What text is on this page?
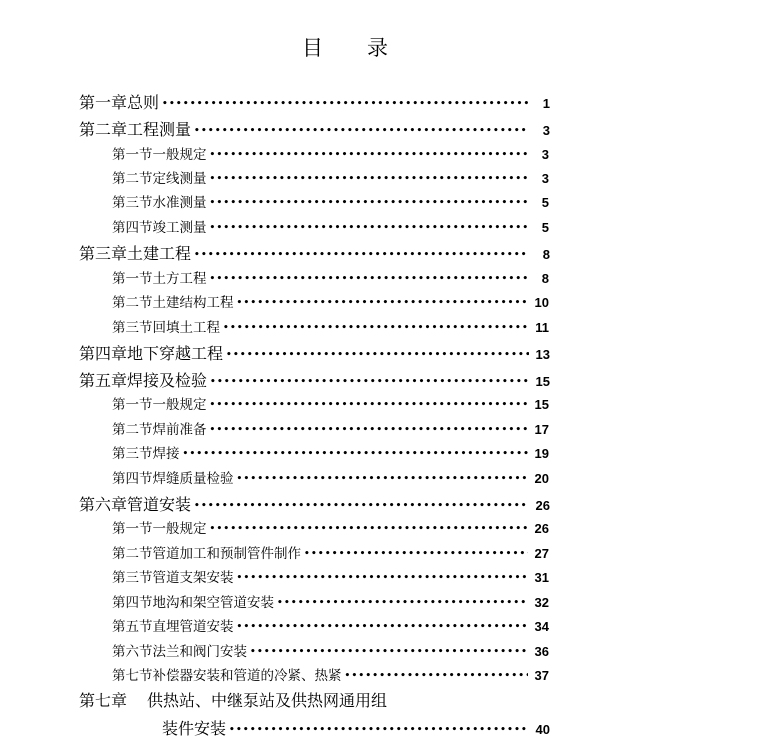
目 录
第一章 总则 •••••	1
第二章 工程测量 •••••	3
第一节 一般规定 •••••	3
第二节 定线测量 •••••	3
第三节 水准测量 •••••	5
第四节 竣工测量 •••••	5
第三章 土建工程 •••••	8
第一节 土方工程 •••••	8
第二节 土建结构工程 •••••	10
第三节 回填土工程 •••••	11
第四章 地下穿越工程 •••••	13
第五章 焊接及检验 •••••	15
第一节 一般规定 •••••	15
第二节 焊前准备 •••••	17
第三节 焊接 •••••	19
第四节 焊缝质量检验 •••••	20
第六章 管道安装 •••••	26
第一节 一般规定 •••••	26
第二节 管道加工和预制管件制作 •••••	27
第三节 管道支架安装 •••••	31
第四节 地沟和架空管道安装 •••••	32
第五节 直埋管道安装 •••••	34
第六节 法兰和阀门安装 •••••	36
第七节 补偿器安装和管道的冷紧、热紧 •••••	37
第七章	供热站、中继泵站及供热网通用组
装件安装 •••••	40
